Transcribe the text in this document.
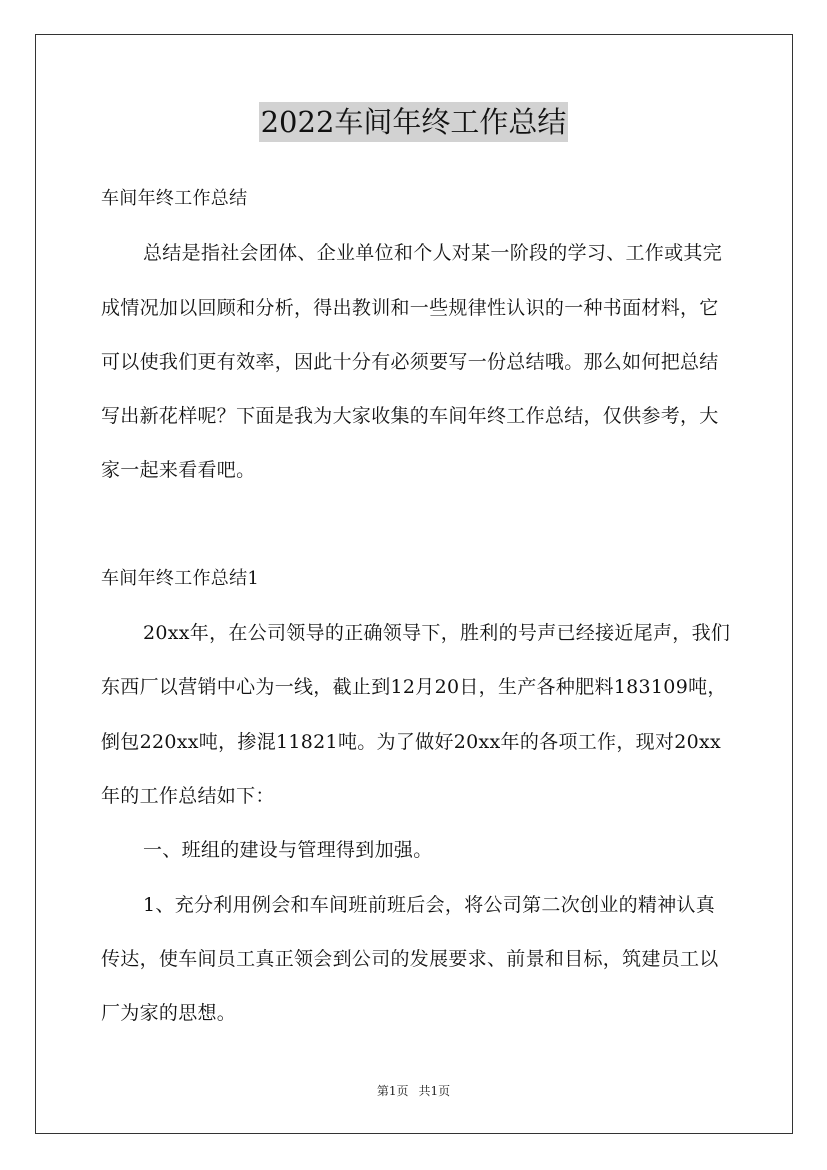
2022车间年终工作总结

车间年终工作总结

总结是指社会团体、企业单位和个人对某一阶段的学习、工作或其完成情况加以回顾和分析，得出教训和一些规律性认识的一种书面材料，它可以使我们更有效率，因此十分有必须要写一份总结哦。那么如何把总结写出新花样呢？下面是我为大家收集的车间年终工作总结，仅供参考，大家一起来看看吧。

车间年终工作总结1

20xx年，在公司领导的正确领导下，胜利的号声已经接近尾声，我们东西厂以营销中心为一线，截止到12月20日，生产各种肥料183109吨，倒包220xx吨，掺混11821吨。为了做好20xx年的各项工作，现对20xx年的工作总结如下：

一、班组的建设与管理得到加强。

1、充分利用例会和车间班前班后会，将公司第二次创业的精神认真传达，使车间员工真正领会到公司的发展要求、前景和目标，筑建员工以厂为家的思想。

第1页 共1页
